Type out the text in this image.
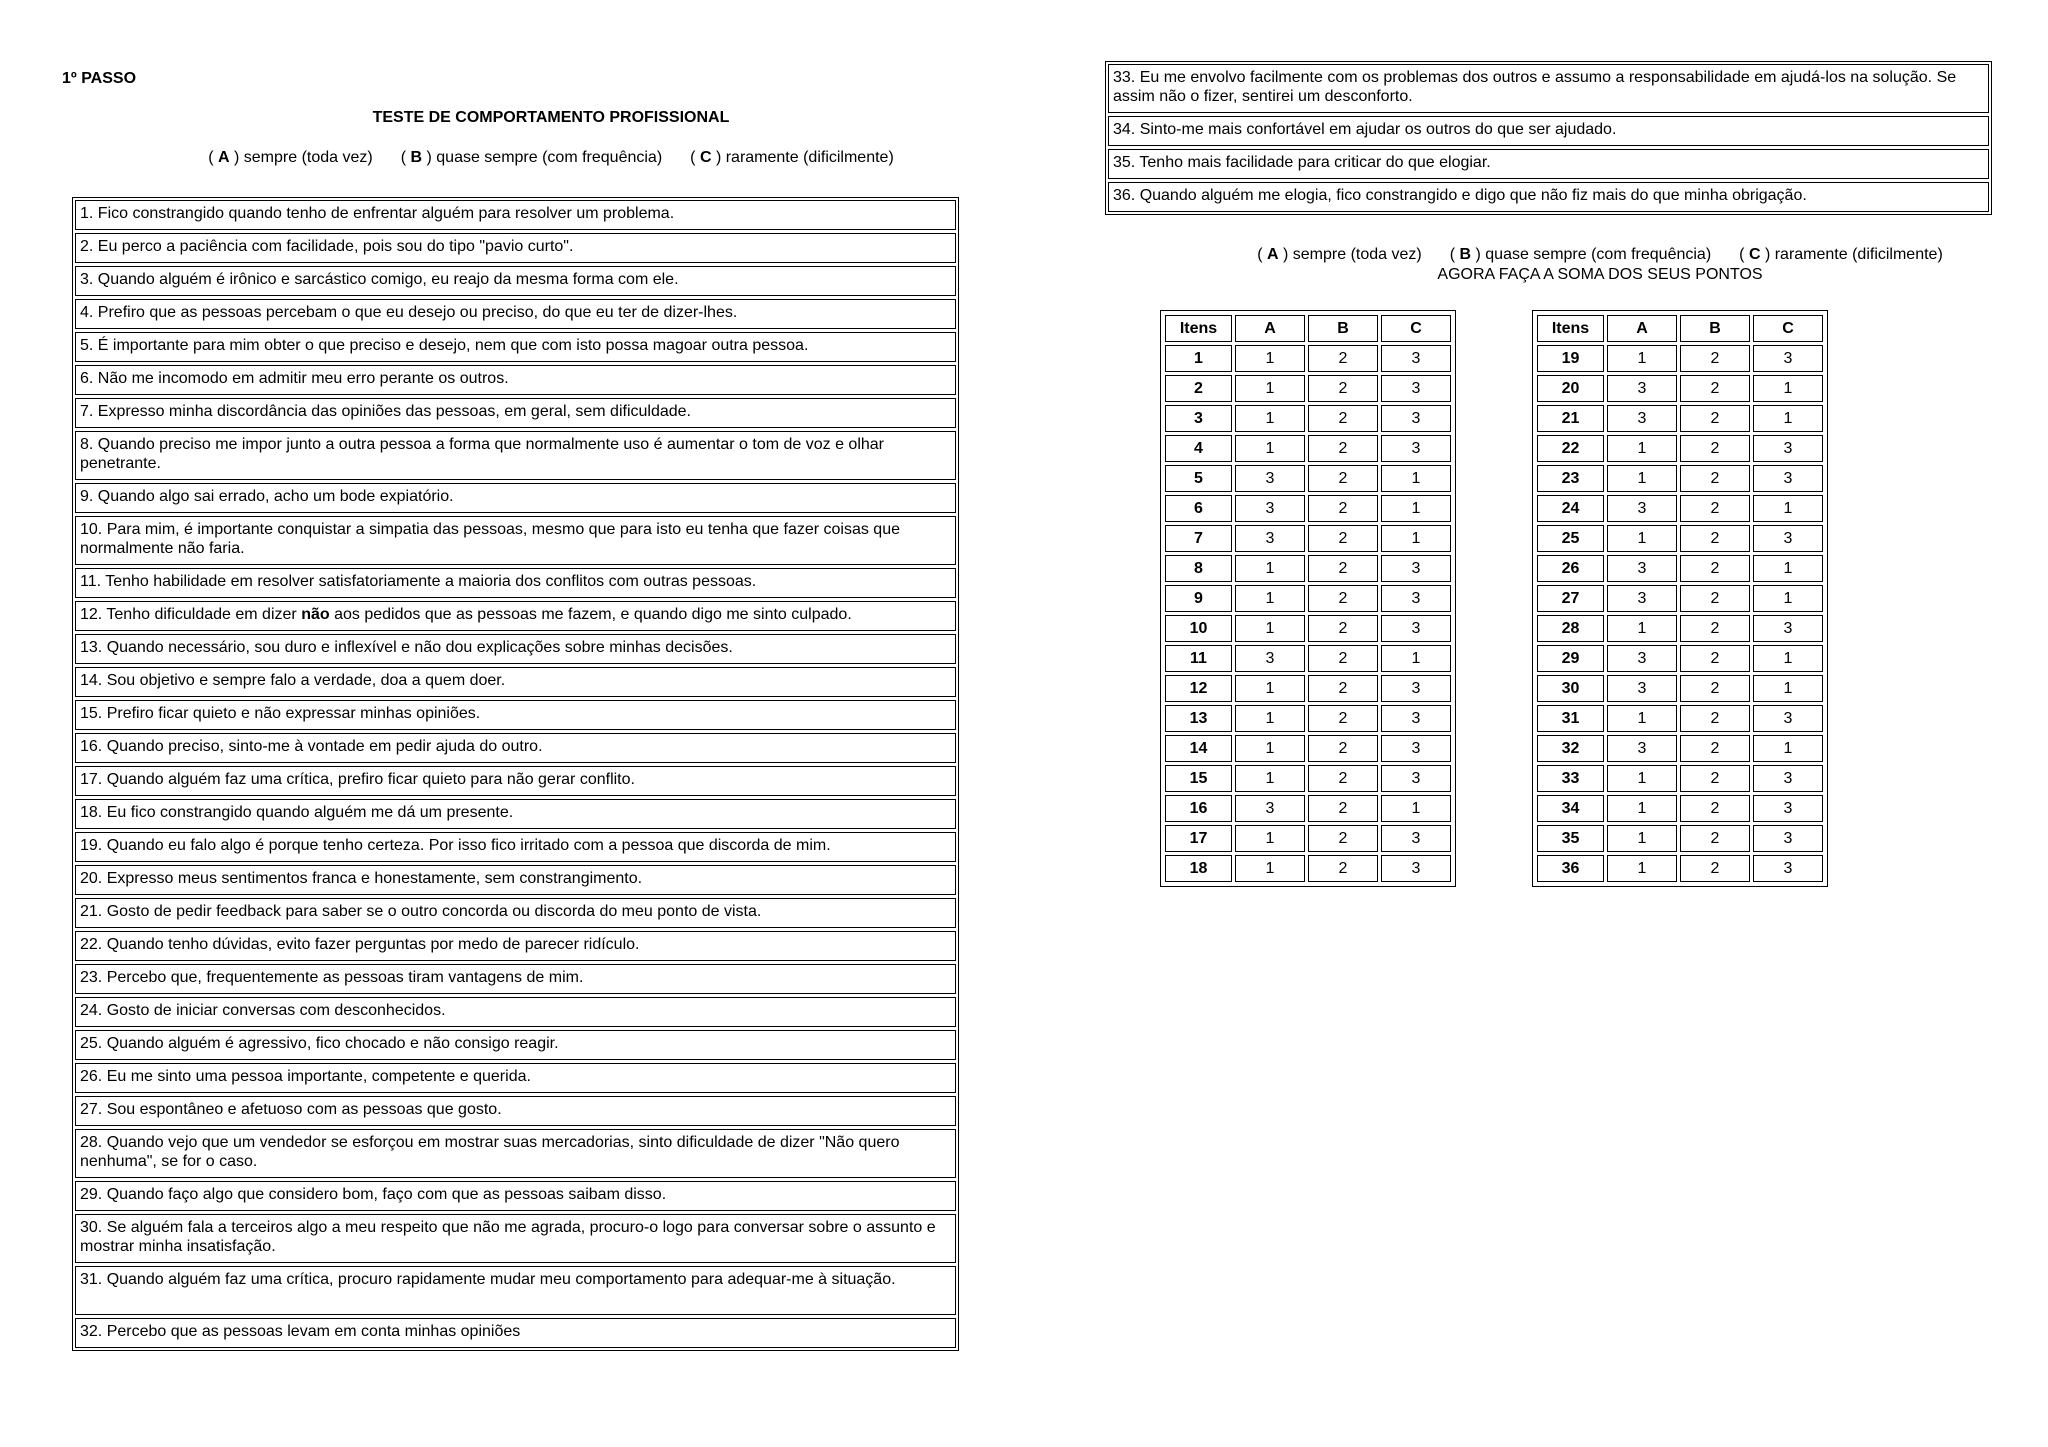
1º PASSO
TESTE DE COMPORTAMENTO PROFISSIONAL
( A ) sempre (toda vez) ( B ) quase sempre (com frequência) ( C ) raramente (dificilmente)
1. Fico constrangido quando tenho de enfrentar alguém para resolver um problema.
2. Eu perco a paciência com facilidade, pois sou do tipo "pavio curto".
3. Quando alguém é irônico e sarcástico comigo, eu reajo da mesma forma com ele.
4. Prefiro que as pessoas percebam o que eu desejo ou preciso, do que eu ter de dizer-lhes.
5. É importante para mim obter o que preciso e desejo, nem que com isto possa magoar outra pessoa.
6. Não me incomodo em admitir meu erro perante os outros.
7. Expresso minha discordância das opiniões das pessoas, em geral, sem dificuldade.
8. Quando preciso me impor junto a outra pessoa a forma que normalmente uso é aumentar o tom de voz e olhar penetrante.
9. Quando algo sai errado, acho um bode expiatório.
10. Para mim, é importante conquistar a simpatia das pessoas, mesmo que para isto eu tenha que fazer coisas que normalmente não faria.
11. Tenho habilidade em resolver satisfatoriamente a maioria dos conflitos com outras pessoas.
12. Tenho dificuldade em dizer não aos pedidos que as pessoas me fazem, e quando digo me sinto culpado.
13. Quando necessário, sou duro e inflexível e não dou explicações sobre minhas decisões.
14. Sou objetivo e sempre falo a verdade, doa a quem doer.
15. Prefiro ficar quieto e não expressar minhas opiniões.
16. Quando preciso, sinto-me à vontade em pedir ajuda do outro.
17. Quando alguém faz uma crítica, prefiro ficar quieto para não gerar conflito.
18. Eu fico constrangido quando alguém me dá um presente.
19. Quando eu falo algo é porque tenho certeza. Por isso fico irritado com a pessoa que discorda de mim.
20. Expresso meus sentimentos franca e honestamente, sem constrangimento.
21. Gosto de pedir feedback para saber se o outro concorda ou discorda do meu ponto de vista.
22. Quando tenho dúvidas, evito fazer perguntas por medo de parecer ridículo.
23. Percebo que, frequentemente as pessoas tiram vantagens de mim.
24. Gosto de iniciar conversas com desconhecidos.
25. Quando alguém é agressivo, fico chocado e não consigo reagir.
26. Eu me sinto uma pessoa importante, competente e querida.
27. Sou espontâneo e afetuoso com as pessoas que gosto.
28. Quando vejo que um vendedor se esforçou em mostrar suas mercadorias, sinto dificuldade de dizer "Não quero nenhuma", se for o caso.
29. Quando faço algo que considero bom, faço com que as pessoas saibam disso.
30. Se alguém fala a terceiros algo a meu respeito que não me agrada, procuro-o logo para conversar sobre o assunto e mostrar minha insatisfação.
31. Quando alguém faz uma crítica, procuro rapidamente mudar meu comportamento para adequar-me à situação.
32. Percebo que as pessoas levam em conta minhas opiniões
33. Eu me envolvo facilmente com os problemas dos outros e assumo a responsabilidade em ajudá-los na solução. Se assim não o fizer, sentirei um desconforto.
34. Sinto-me mais confortável em ajudar os outros do que ser ajudado.
35. Tenho mais facilidade para criticar do que elogiar.
36. Quando alguém me elogia, fico constrangido e digo que não fiz mais do que minha obrigação.
( A ) sempre (toda vez) ( B ) quase sempre (com frequência) ( C ) raramente (dificilmente)
AGORA FAÇA A SOMA DOS SEUS PONTOS
Itens	A	B	C
1	1	2	3
2	1	2	3
3	1	2	3
4	1	2	3
5	3	2	1
6	3	2	1
7	3	2	1
8	1	2	3
9	1	2	3
10	1	2	3
11	3	2	1
12	1	2	3
13	1	2	3
14	1	2	3
15	1	2	3
16	3	2	1
17	1	2	3
18	1	2	3
Itens	A	B	C
19	1	2	3
20	3	2	1
21	3	2	1
22	1	2	3
23	1	2	3
24	3	2	1
25	1	2	3
26	3	2	1
27	3	2	1
28	1	2	3
29	3	2	1
30	3	2	1
31	1	2	3
32	3	2	1
33	1	2	3
34	1	2	3
35	1	2	3
36	1	2	3
